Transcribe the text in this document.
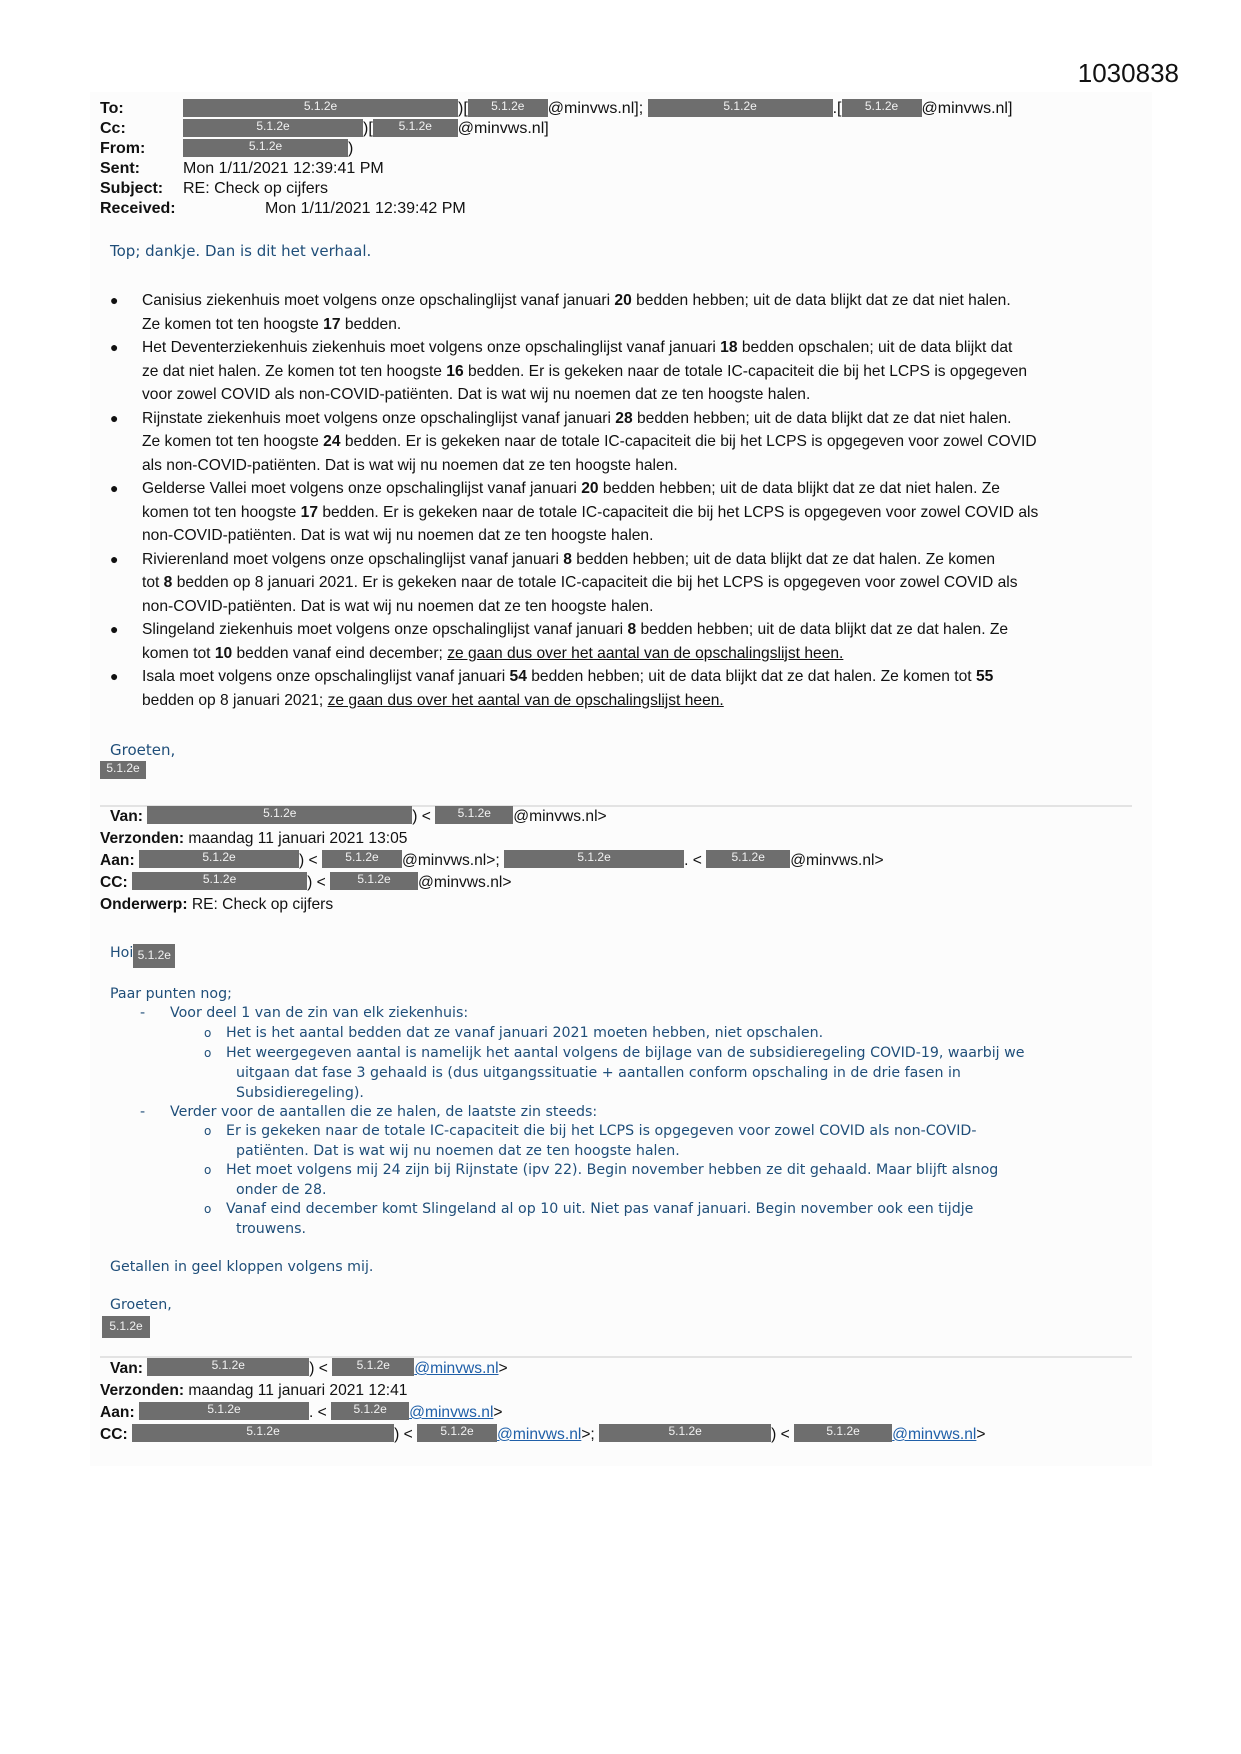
1030838
To:	5.1.2e	)[ 5.1.2e @minvws.nl];	5.1.2e	.[ 5.1.2e @minvws.nl]
Cc:	5.1.2e	)[ 5.1.2e @minvws.nl]
From:	5.1.2e	)
Sent:	Mon 1/11/2021 12:39:41 PM
Subject: RE: Check op cijfers
Received:	Mon 1/11/2021 12:39:42 PM
Top; dankje. Dan is dit het verhaal.
● Canisius ziekenhuis moet volgens onze opschalinglijst vanaf januari 20 bedden hebben; uit de data blijkt dat ze dat niet halen.
Ze komen tot ten hoogste 17 bedden.
● Het Deventerziekenhuis ziekenhuis moet volgens onze opschalinglijst vanaf januari 18 bedden opschalen; uit de data blijkt dat
ze dat niet halen. Ze komen tot ten hoogste 16 bedden. Er is gekeken naar de totale IC-capaciteit die bij het LCPS is opgegeven
voor zowel COVID als non-COVID-patiënten. Dat is wat wij nu noemen dat ze ten hoogste halen.
● Rijnstate ziekenhuis moet volgens onze opschalinglijst vanaf januari 28 bedden hebben; uit de data blijkt dat ze dat niet halen.
Ze komen tot ten hoogste 24 bedden. Er is gekeken naar de totale IC-capaciteit die bij het LCPS is opgegeven voor zowel COVID
als non-COVID-patiënten. Dat is wat wij nu noemen dat ze ten hoogste halen.
● Gelderse Vallei moet volgens onze opschalinglijst vanaf januari 20 bedden hebben; uit de data blijkt dat ze dat niet halen. Ze
komen tot ten hoogste 17 bedden. Er is gekeken naar de totale IC-capaciteit die bij het LCPS is opgegeven voor zowel COVID als
non-COVID-patiënten. Dat is wat wij nu noemen dat ze ten hoogste halen.
● Rivierenland moet volgens onze opschalinglijst vanaf januari 8 bedden hebben; uit de data blijkt dat ze dat halen. Ze komen
tot 8 bedden op 8 januari 2021. Er is gekeken naar de totale IC-capaciteit die bij het LCPS is opgegeven voor zowel COVID als
non-COVID-patiënten. Dat is wat wij nu noemen dat ze ten hoogste halen.
● Slingeland ziekenhuis moet volgens onze opschalinglijst vanaf januari 8 bedden hebben; uit de data blijkt dat ze dat halen. Ze
komen tot 10 bedden vanaf eind december; ze gaan dus over het aantal van de opschalingslijst heen.
● Isala moet volgens onze opschalinglijst vanaf januari 54 bedden hebben; uit de data blijkt dat ze dat halen. Ze komen tot 55
bedden op 8 januari 2021; ze gaan dus over het aantal van de opschalingslijst heen.
Groeten,
5.1.2e
Van:	5.1.2e	) < 5.1.2e @minvws.nl>
Verzonden: maandag 11 januari 2021 13:05
Aan:	5.1.2e	) < 5.1.2e @minvws.nl>;	5.1.2e	. < 5.1.2e @minvws.nl>
CC:	5.1.2e	) <	5.1.2e @minvws.nl>
Onderwerp: RE: Check op cijfers
Hoi 5.1.2e
Paar punten nog;
- Voor deel 1 van de zin van elk ziekenhuis:
o Het is het aantal bedden dat ze vanaf januari 2021 moeten hebben, niet opschalen.
o Het weergegeven aantal is namelijk het aantal volgens de bijlage van de subsidieregeling COVID-19, waarbij we
uitgaan dat fase 3 gehaald is (dus uitgangssituatie + aantallen conform opschaling in de drie fasen in
Subsidieregeling).
- Verder voor de aantallen die ze halen, de laatste zin steeds:
o Er is gekeken naar de totale IC-capaciteit die bij het LCPS is opgegeven voor zowel COVID als non-COVID-
patiënten. Dat is wat wij nu noemen dat ze ten hoogste halen.
o Het moet volgens mij 24 zijn bij Rijnstate (ipv 22). Begin november hebben ze dit gehaald. Maar blijft alsnog
onder de 28.
o Vanaf eind december komt Slingeland al op 10 uit. Niet pas vanaf januari. Begin november ook een tijdje
trouwens.
Getallen in geel kloppen volgens mij.
Groeten,
5.1.2e
Van:	5.1.2e	) < 5.1.2e @minvws.nl>
Verzonden: maandag 11 januari 2021 12:41
Aan:	5.1.2e	. < 5.1.2e @minvws.nl>
CC:	5.1.2e	) < 5.1.2e @minvws.nl>;	5.1.2e	) <	5.1.2e @minvws.nl>
